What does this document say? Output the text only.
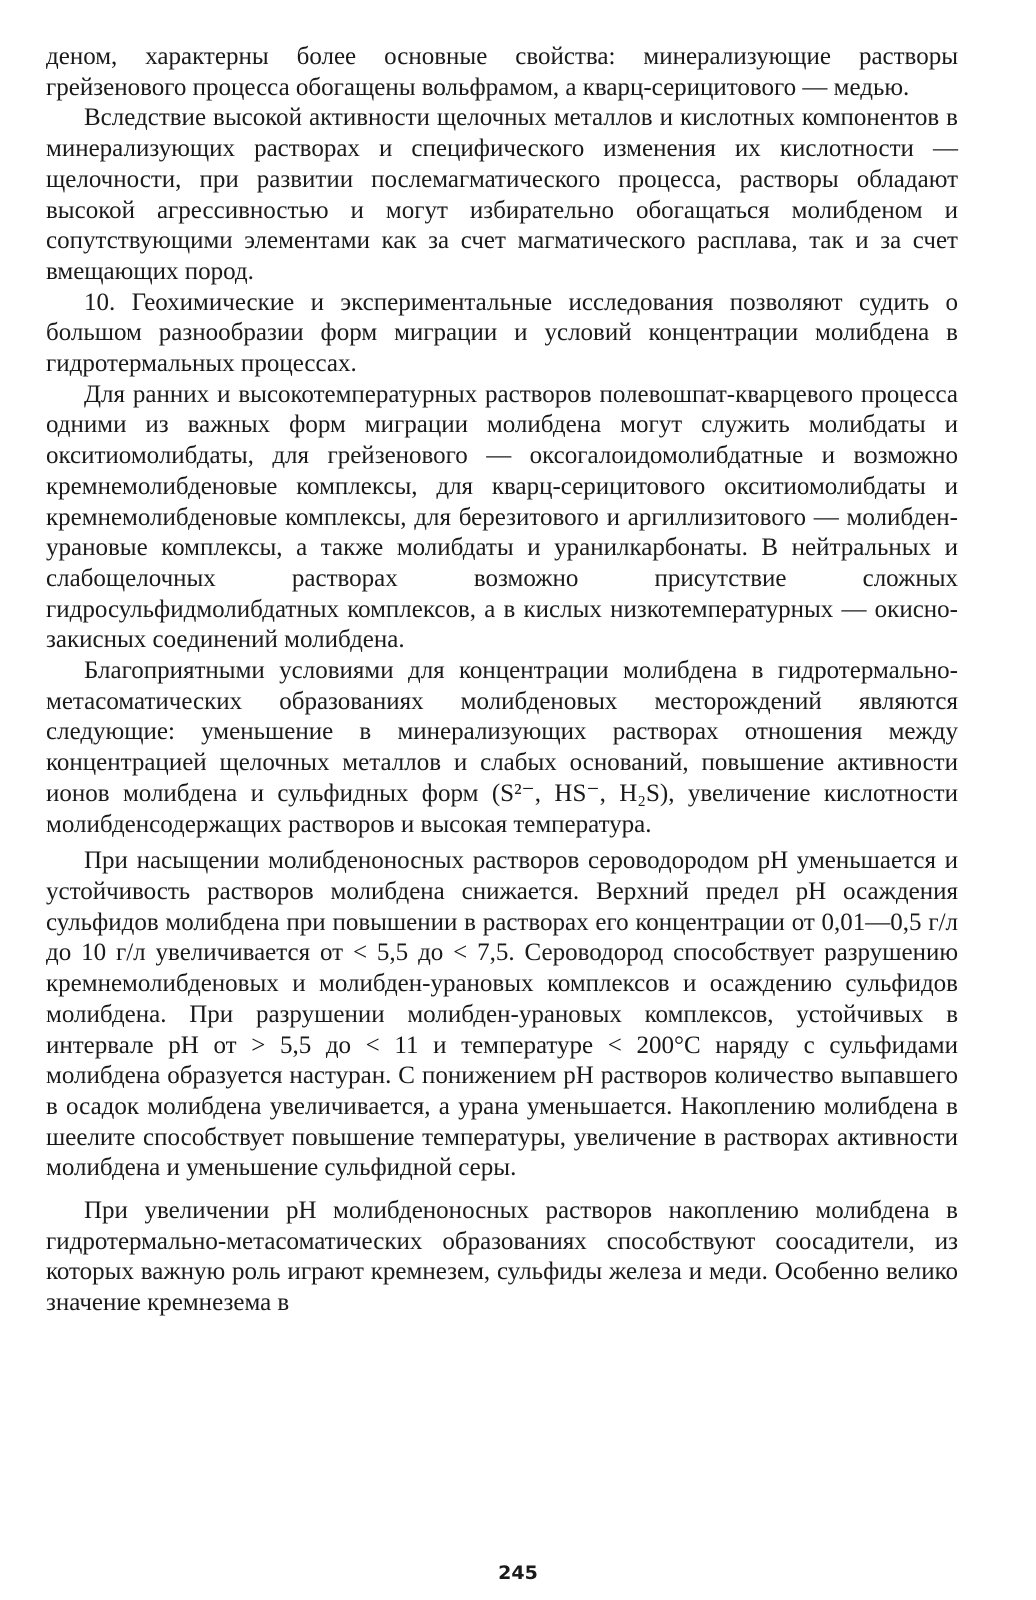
деном, характерны более основные свойства: минерализующие растворы грейзенового процесса обогащены вольфрамом, а кварц-серицитового — медью.

Вследствие высокой активности щелочных металлов и кислотных компонентов в минерализующих растворах и специфического изменения их кислотности — щелочности, при развитии послемагматического процесса, растворы обладают высокой агрессивностью и могут избирательно обогащаться молибденом и сопутствующими элементами как за счет магматического расплава, так и за счет вмещающих пород.

10. Геохимические и экспериментальные исследования позволяют судить о большом разнообразии форм миграции и условий концентрации молибдена в гидротермальных процессах.

Для ранних и высокотемпературных растворов полевошпат-кварцевого процесса одними из важных форм миграции молибдена могут служить молибдаты и окситиомолибдаты, для грейзенового — оксогалоидомолибдатные и возможно кремнемолибденовые комплексы, для кварц-серицитового окситиомолибдаты и кремнемолибденовые комплексы, для березитового и аргиллизитового — молибден-урановые комплексы, а также молибдаты и уранилкарбонаты. В нейтральных и слабощелочных растворах возможно присутствие сложных гидросульфидмолибдатных комплексов, а в кислых низкотемпературных — окисно-закисных соединений молибдена.

Благоприятными условиями для концентрации молибдена в гидротермально-метасоматических образованиях молибденовых месторождений являются следующие: уменьшение в минерализующих растворах отношения между концентрацией щелочных металлов и слабых оснований, повышение активности ионов молибдена и сульфидных форм (S²⁻, HS⁻, H₂S), увеличение кислотности молибденсодержащих растворов и высокая температура.

При насыщении молибденоносных растворов сероводородом pH уменьшается и устойчивость растворов молибдена снижается. Верхний предел pH осаждения сульфидов молибдена при повышении в растворах его концентрации от 0,01—0,5 г/л до 10 г/л увеличивается от < 5,5 до < 7,5. Сероводород способствует разрушению кремнемолибденовых и молибден-урановых комплексов и осаждению сульфидов молибдена. При разрушении молибден-урановых комплексов, устойчивых в интервале pH от > 5,5 до < 11 и температуре < 200°С наряду с сульфидами молибдена образуется настуран. С понижением pH растворов количество выпавшего в осадок молибдена увеличивается, а урана уменьшается. Накоплению молибдена в шеелите способствует повышение температуры, увеличение в растворах активности молибдена и уменьшение сульфидной серы.

При увеличении pH молибденоносных растворов накоплению молибдена в гидротермально-метасоматических образованиях способствуют соосадители, из которых важную роль играют кремнезем, сульфиды железа и меди. Особенно велико значение кремнезема в

245
